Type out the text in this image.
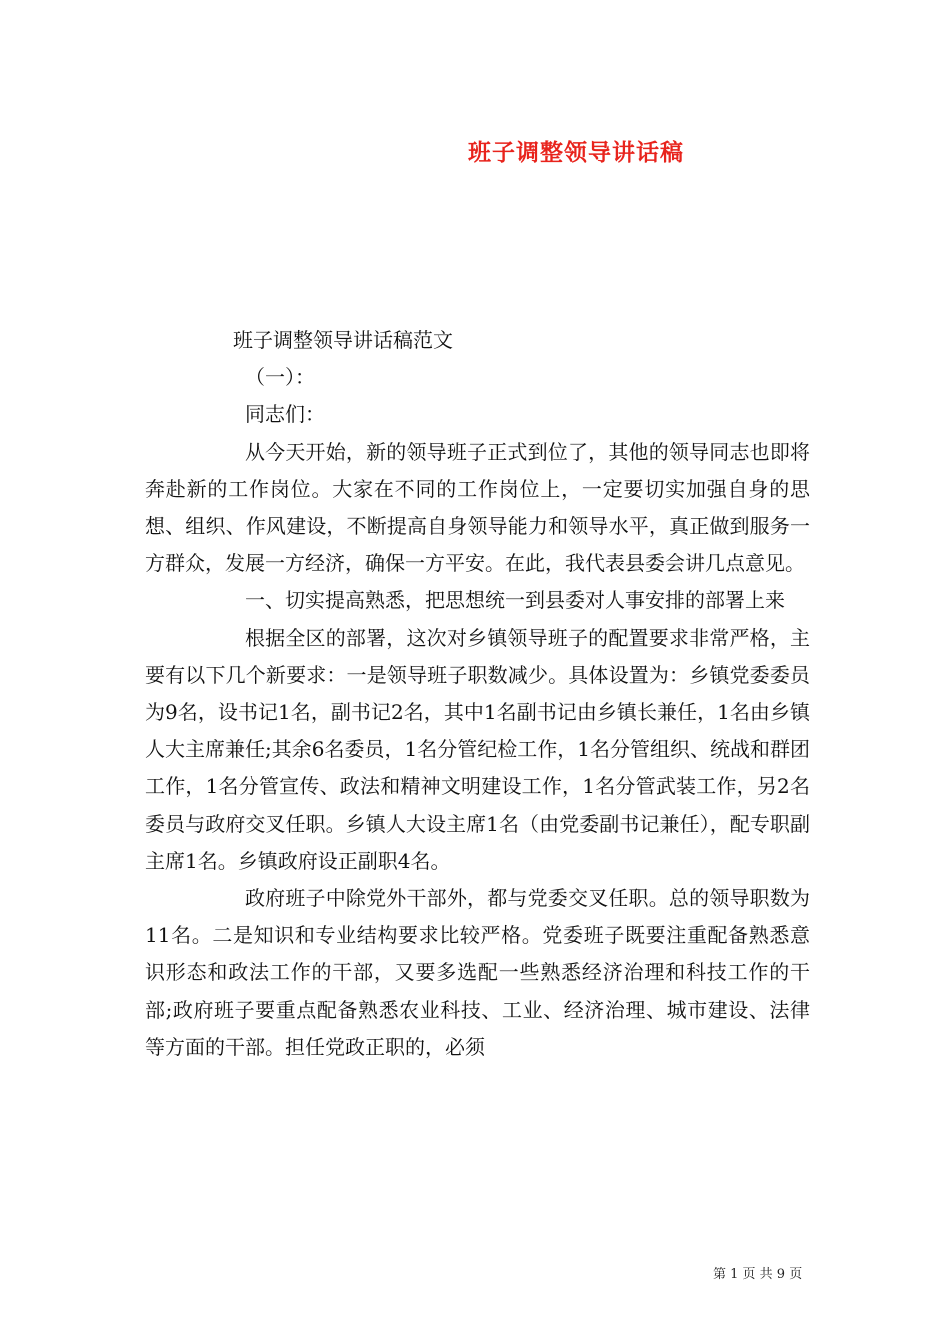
班子调整领导讲话稿

班子调整领导讲话稿范文

（一）：

同志们：

从今天开始，新的领导班子正式到位了，其他的领导同志也即将奔赴新的工作岗位。大家在不同的工作岗位上，一定要切实加强自身的思想、组织、作风建设，不断提高自身领导能力和领导水平，真正做到服务一方群众，发展一方经济，确保一方平安。在此，我代表县委会讲几点意见。

一、切实提高熟悉，把思想统一到县委对人事安排的部署上来

根据全区的部署，这次对乡镇领导班子的配置要求非常严格，主要有以下几个新要求：一是领导班子职数减少。具体设置为：乡镇党委委员为9名，设书记1名，副书记2名，其中1名副书记由乡镇长兼任，1名由乡镇人大主席兼任;其余6名委员，1名分管纪检工作，1名分管组织、统战和群团工作，1名分管宣传、政法和精神文明建设工作，1名分管武装工作，另2名委员与政府交叉任职。乡镇人大设主席1名（由党委副书记兼任），配专职副主席1名。乡镇政府设正副职4名。

政府班子中除党外干部外，都与党委交叉任职。总的领导职数为11名。二是知识和专业结构要求比较严格。党委班子既要注重配备熟悉意识形态和政法工作的干部，又要多选配一些熟悉经济治理和科技工作的干部;政府班子要重点配备熟悉农业科技、工业、经济治理、城市建设、法律等方面的干部。担任党政正职的，必须

第 1 页 共 9 页
